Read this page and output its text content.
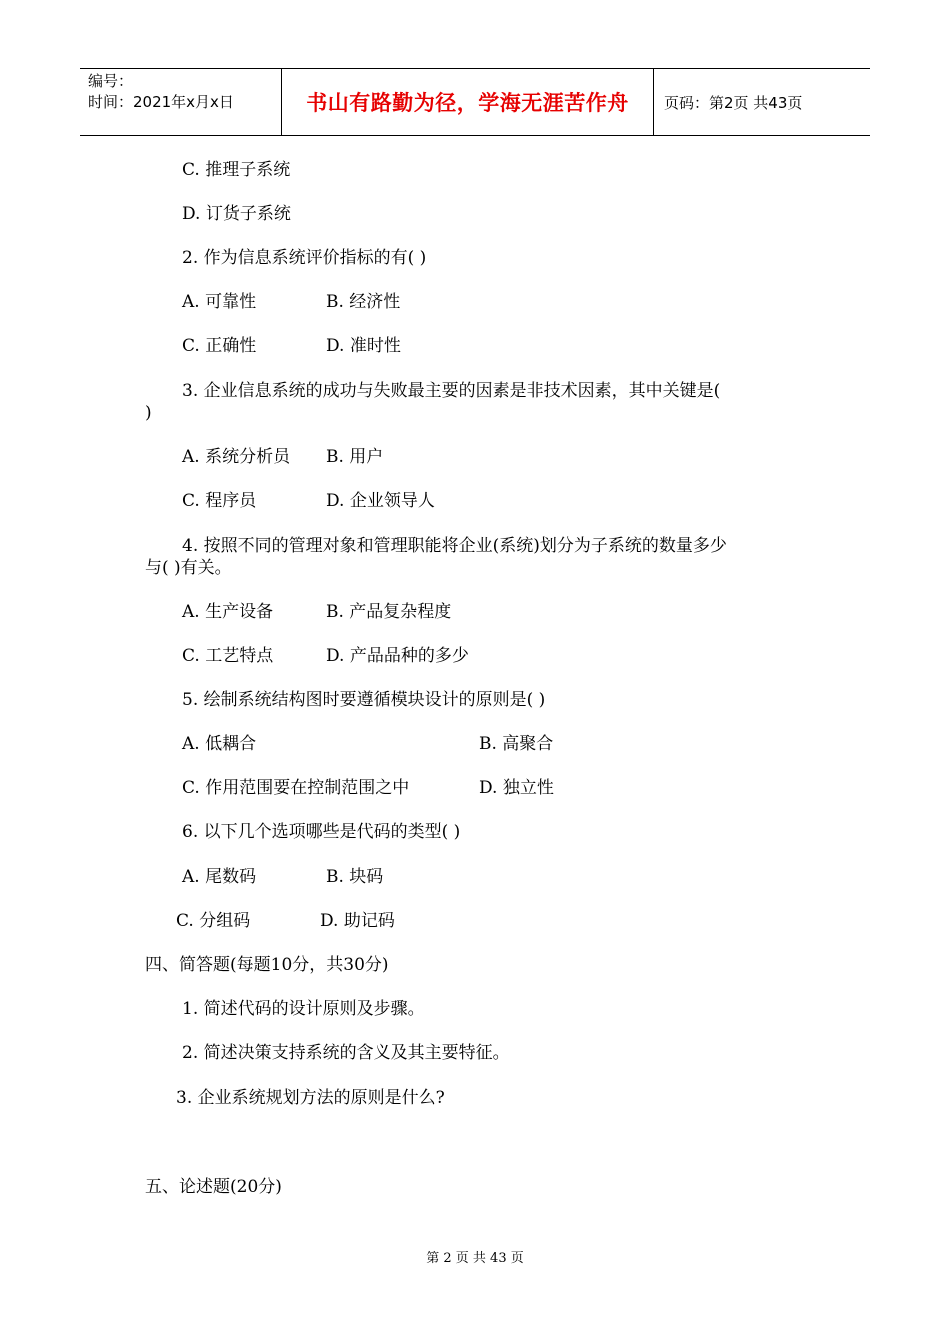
编号：
时间：2021年x月x日	书山有路勤为径，学海无涯苦作舟	页码：第2页 共43页
C. 推理子系统
D. 订货子系统
2. 作为信息系统评价指标的有( )
A. 可靠性	B. 经济性
C. 正确性	D. 准时性
3. 企业信息系统的成功与失败最主要的因素是非技术因素，其中关键是(
)
A. 系统分析员 B. 用户
C. 程序员	D. 企业领导人
4. 按照不同的管理对象和管理职能将企业(系统)划分为子系统的数量多少
与( )有关。
A. 生产设备	B. 产品复杂程度
C. 工艺特点	D. 产品品种的多少
5. 绘制系统结构图时要遵循模块设计的原则是( )
A. 低耦合	B. 高聚合
C. 作用范围要在控制范围之中	D. 独立性
6. 以下几个选项哪些是代码的类型( )
A. 尾数码	B. 块码
C. 分组码	D. 助记码
四、简答题(每题10分，共30分)
1. 简述代码的设计原则及步骤。
2. 简述决策支持系统的含义及其主要特征。
3. 企业系统规划方法的原则是什么?
五、论述题(20分)
第 2 页 共 43 页
